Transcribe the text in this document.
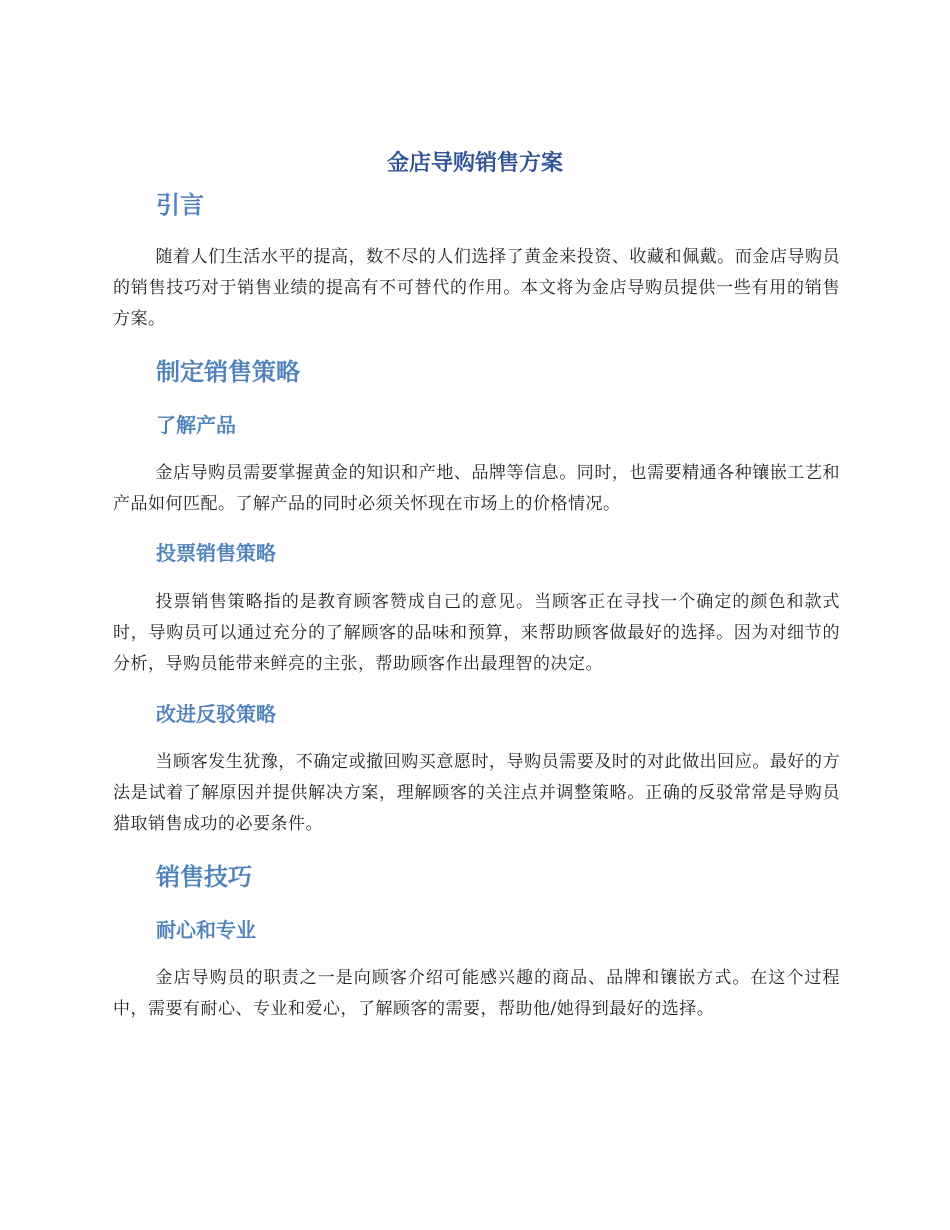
金店导购销售方案
引言

随着人们生活水平的提高，数不尽的人们选择了黄金来投资、收藏和佩戴。而金店导购员的销售技巧对于销售业绩的提高有不可替代的作用。本文将为金店导购员提供一些有用的销售方案。

制定销售策略
了解产品

金店导购员需要掌握黄金的知识和产地、品牌等信息。同时，也需要精通各种镶嵌工艺和产品如何匹配。了解产品的同时必须关怀现在市场上的价格情况。

投票销售策略

投票销售策略指的是教育顾客赞成自己的意见。当顾客正在寻找一个确定的颜色和款式时，导购员可以通过充分的了解顾客的品味和预算，来帮助顾客做最好的选择。因为对细节的分析，导购员能带来鲜亮的主张，帮助顾客作出最理智的决定。

改进反驳策略

当顾客发生犹豫，不确定或撤回购买意愿时，导购员需要及时的对此做出回应。最好的方法是试着了解原因并提供解决方案，理解顾客的关注点并调整策略。正确的反驳常常是导购员猎取销售成功的必要条件。

销售技巧
耐心和专业

金店导购员的职责之一是向顾客介绍可能感兴趣的商品、品牌和镶嵌方式。在这个过程中，需要有耐心、专业和爱心，了解顾客的需要，帮助他/她得到最好的选择。
